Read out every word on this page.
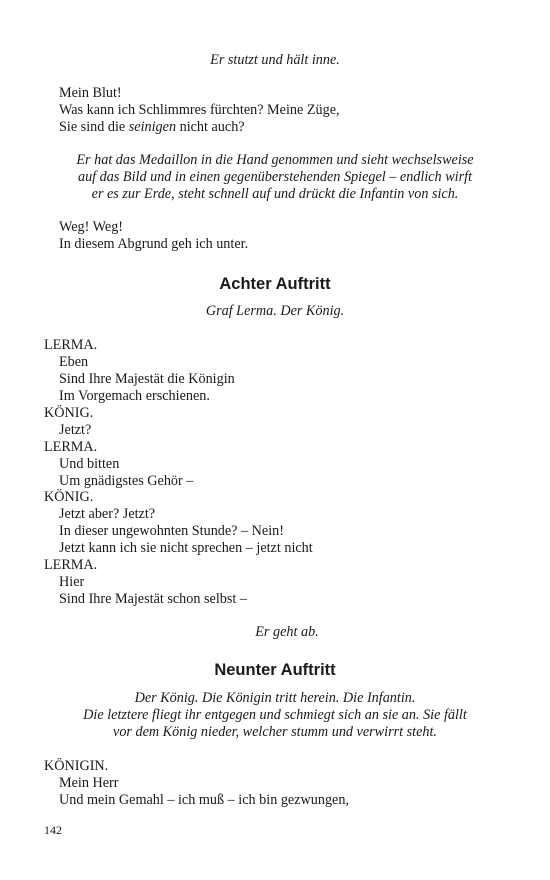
Er stutzt und hält inne.
Mein Blut!
Was kann ich Schlimmres fürchten? Meine Züge,
Sie sind die seinigen nicht auch?
Er hat das Medaillon in die Hand genommen und sieht wechselsweise
auf das Bild und in einen gegenüberstehenden Spiegel – endlich wirft
er es zur Erde, steht schnell auf und drückt die Infantin von sich.
Weg! Weg!
In diesem Abgrund geh ich unter.
Achter Auftritt
Graf Lerma. Der König.
LERMA.
Eben
Sind Ihre Majestät die Königin
Im Vorgemach erschienen.
KÖNIG.
Jetzt?
LERMA.
Und bitten
Um gnädigstes Gehör –
KÖNIG.
Jetzt aber? Jetzt?
In dieser ungewohnten Stunde? – Nein!
Jetzt kann ich sie nicht sprechen – jetzt nicht
LERMA.
Hier
Sind Ihre Majestät schon selbst –
Er geht ab.
Neunter Auftritt
Der König. Die Königin tritt herein. Die Infantin.
Die letztere fliegt ihr entgegen und schmiegt sich an sie an. Sie fällt
vor dem König nieder, welcher stumm und verwirrt steht.
KÖNIGIN.
Mein Herr
Und mein Gemahl – ich muß – ich bin gezwungen,
142
